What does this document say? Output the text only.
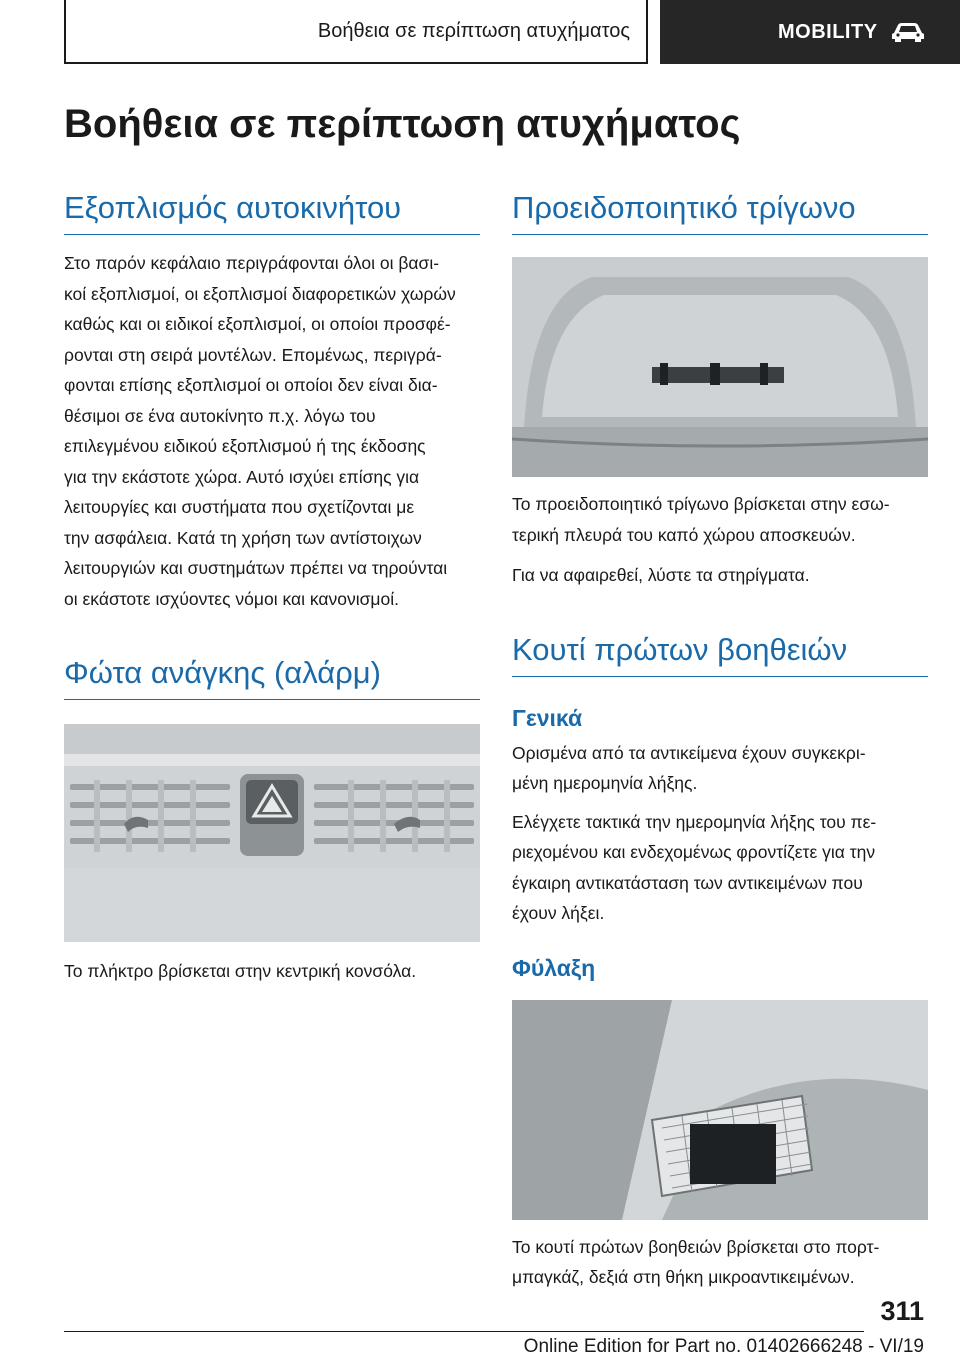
Βοήθεια σε περίπτωση ατυχήματος	MOBILITY
Βοήθεια σε περίπτωση ατυχήματος
Εξοπλισμός αυτοκινήτου

Στο παρόν κεφάλαιο περιγράφονται όλοι οι βασι-

κοί εξοπλισμοί, οι εξοπλισμοί διαφορετικών χωρών

καθώς και οι ειδικοί εξοπλισμοί, οι οποίοι προσφέ-

ρονται στη σειρά μοντέλων. Επομένως, περιγρά-

φονται επίσης εξοπλισμοί οι οποίοι δεν είναι δια-

θέσιμοι σε ένα αυτοκίνητο π.χ. λόγω του

επιλεγμένου ειδικού εξοπλισμού ή της έκδοσης

για την εκάστοτε χώρα. Αυτό ισχύει επίσης για

λειτουργίες και συστήματα που σχετίζονται με

την ασφάλεια. Κατά τη χρήση των αντίστοιχων

λειτουργιών και συστημάτων πρέπει να τηρούνται

οι εκάστοτε ισχύοντες νόμοι και κανονισμοί.

Φώτα ανάγκης (αλάρμ)

Το πλήκτρο βρίσκεται στην κεντρική κονσόλα.

Προειδοποιητικό τρίγωνο

Το προειδοποιητικό τρίγωνο βρίσκεται στην εσω-

τερική πλευρά του καπό χώρου αποσκευών.

Για να αφαιρεθεί, λύστε τα στηρίγματα.

Κουτί πρώτων βοηθειών
Γενικά

Ορισμένα από τα αντικείμενα έχουν συγκεκρι-

μένη ημερομηνία λήξης.

Ελέγχετε τακτικά την ημερομηνία λήξης του πε-

ριεχομένου και ενδεχομένως φροντίζετε για την

έγκαιρη αντικατάσταση των αντικειμένων που

έχουν λήξει.

Φύλαξη

Το κουτί πρώτων βοηθειών βρίσκεται στο πορτ-

μπαγκάζ, δεξιά στη θήκη μικροαντικειμένων.

311
Online Edition for Part no. 01402666248 - VI/19
